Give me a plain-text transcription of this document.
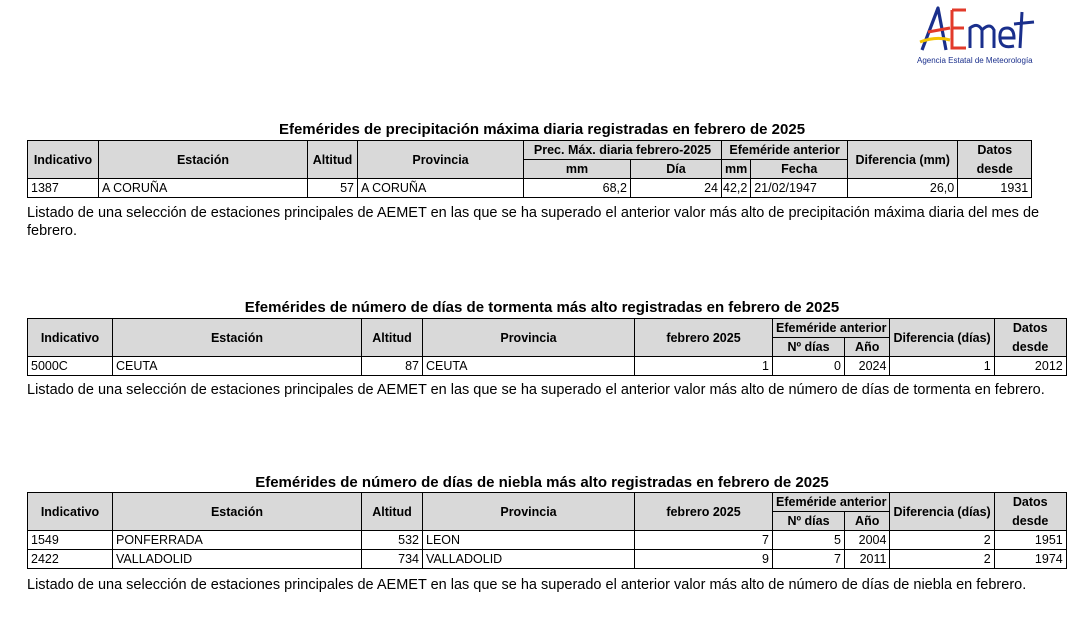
Agencia Estatal de Meteorología
Efemérides de precipitación máxima diaria registradas en febrero de 2025
Indicativo	Estación	Altitud	Provincia	Prec. Máx. diaria febrero-2025		Efeméride anterior		Diferencia (mm)	Datos
				mm	Día	mm	Fecha		desde
1387	A CORUÑA	57	A CORUÑA	68,2	24	42,2	21/02/1947	26,0	1931
Listado de una selección de estaciones principales de AEMET en las que se ha superado el anterior valor más alto de precipitación máxima diaria del mes de febrero.
Efemérides de número de días de tormenta más alto registradas en febrero de 2025
Indicativo	Estación	Altitud	Provincia	febrero 2025	Efeméride anterior		Diferencia (días)	Datos
					Nº días	Año		desde
5000C	CEUTA	87	CEUTA	1	0	2024	1	2012
Listado de una selección de estaciones principales de AEMET en las que se ha superado el anterior valor más alto de número de días de tormenta en febrero.
Efemérides de número de días de niebla más alto registradas en febrero de 2025
Indicativo	Estación	Altitud	Provincia	febrero 2025	Efeméride anterior		Diferencia (días)	Datos
					Nº días	Año		desde
1549	PONFERRADA	532	LEON	7	5	2004	2	1951
2422	VALLADOLID	734	VALLADOLID	9	7	2011	2	1974
Listado de una selección de estaciones principales de AEMET en las que se ha superado el anterior valor más alto de número de días de niebla en febrero.
